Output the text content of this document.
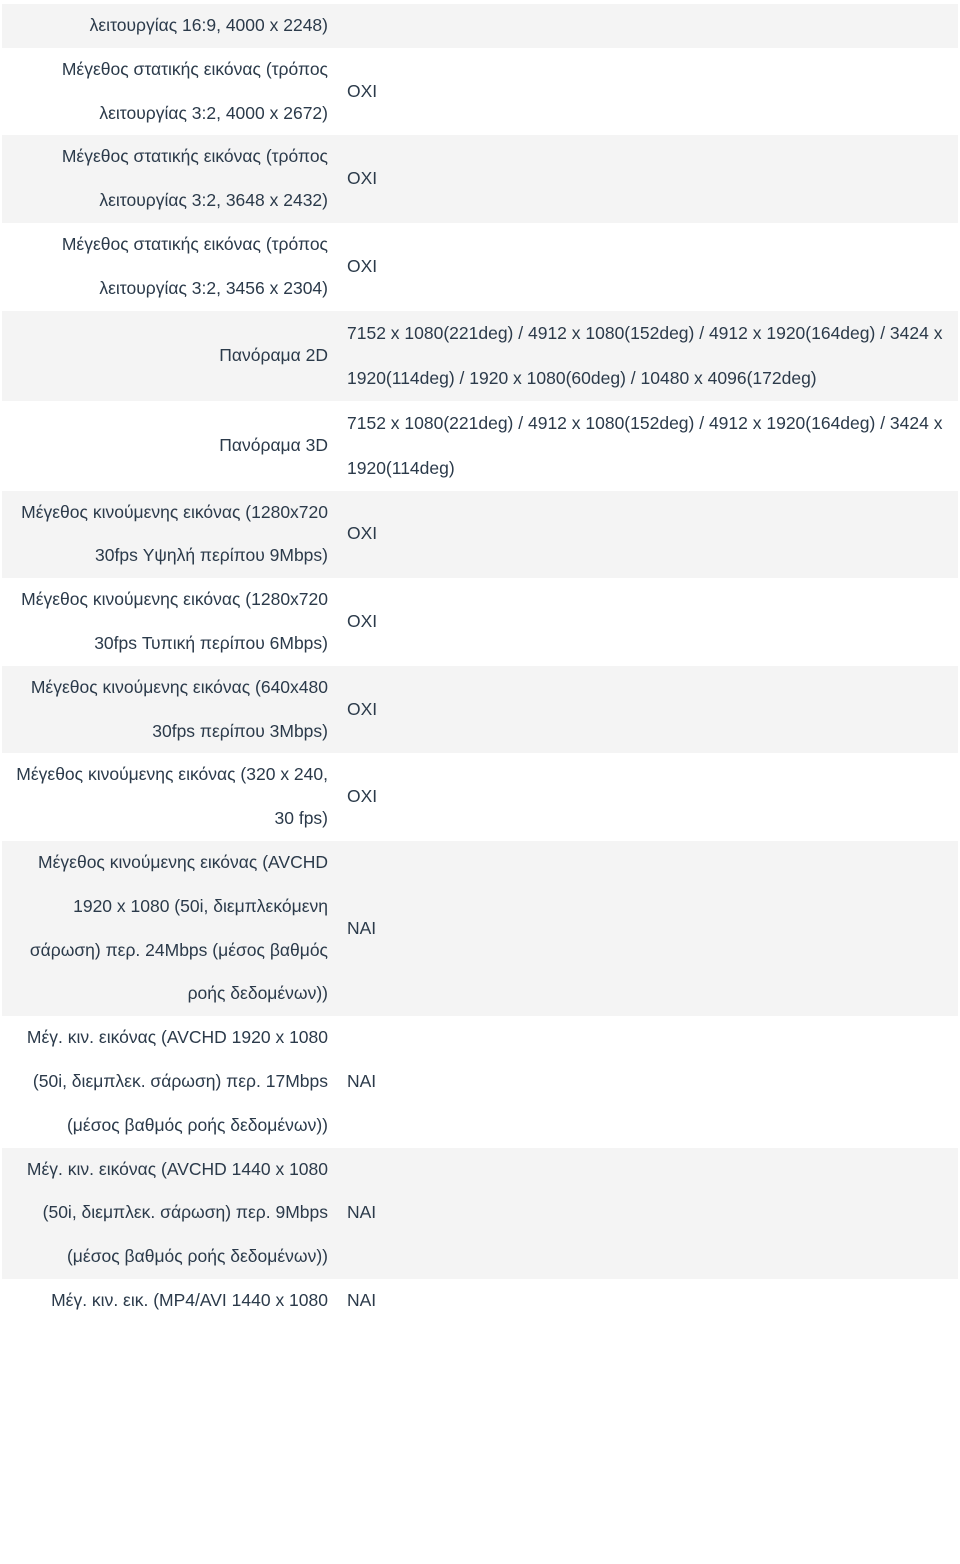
λειτουργίας 16:9, 4000 x 2248)	
Μέγεθος στατικής εικόνας (τρόπος λειτουργίας 3:2, 4000 x 2672)	ΟΧΙ
Μέγεθος στατικής εικόνας (τρόπος λειτουργίας 3:2, 3648 x 2432)	ΟΧΙ
Μέγεθος στατικής εικόνας (τρόπος λειτουργίας 3:2, 3456 x 2304)	ΟΧΙ
Πανόραμα 2D	7152 x 1080(221deg) / 4912 x 1080(152deg) / 4912 x 1920(164deg) / 3424 x 1920(114deg) / 1920 x 1080(60deg) / 10480 x 4096(172deg)

Πανόραμα 3D	7152 x 1080(221deg) / 4912 x 1080(152deg) / 4912 x 1920(164deg) / 3424 x 1920(114deg)

Μέγεθος κινούμενης εικόνας (1280x720 30fps Υψηλή περίπου 9Mbps)	ΟΧΙ
Μέγεθος κινούμενης εικόνας (1280x720 30fps Τυπική περίπου 6Mbps)	ΟΧΙ
Μέγεθος κινούμενης εικόνας (640x480 30fps περίπου 3Mbps)	ΟΧΙ
Μέγεθος κινούμενης εικόνας (320 x 240, 30 fps)	ΟΧΙ
Μέγεθος κινούμενης εικόνας (AVCHD 1920 x 1080 (50i, διεμπλεκόμενη σάρωση) περ. 24Mbps (μέσος βαθμός ροής δεδομένων))	ΝΑΙ
Μέγ. κιν. εικόνας (AVCHD 1920 x 1080 (50i, διεμπλεκ. σάρωση) περ. 17Mbps (μέσος βαθμός ροής δεδομένων))	ΝΑΙ
Μέγ. κιν. εικόνας (AVCHD 1440 x 1080 (50i, διεμπλεκ. σάρωση) περ. 9Mbps (μέσος βαθμός ροής δεδομένων))	ΝΑΙ
Μέγ. κιν. εικ. (MP4/AVI 1440 x 1080	ΝΑΙ
